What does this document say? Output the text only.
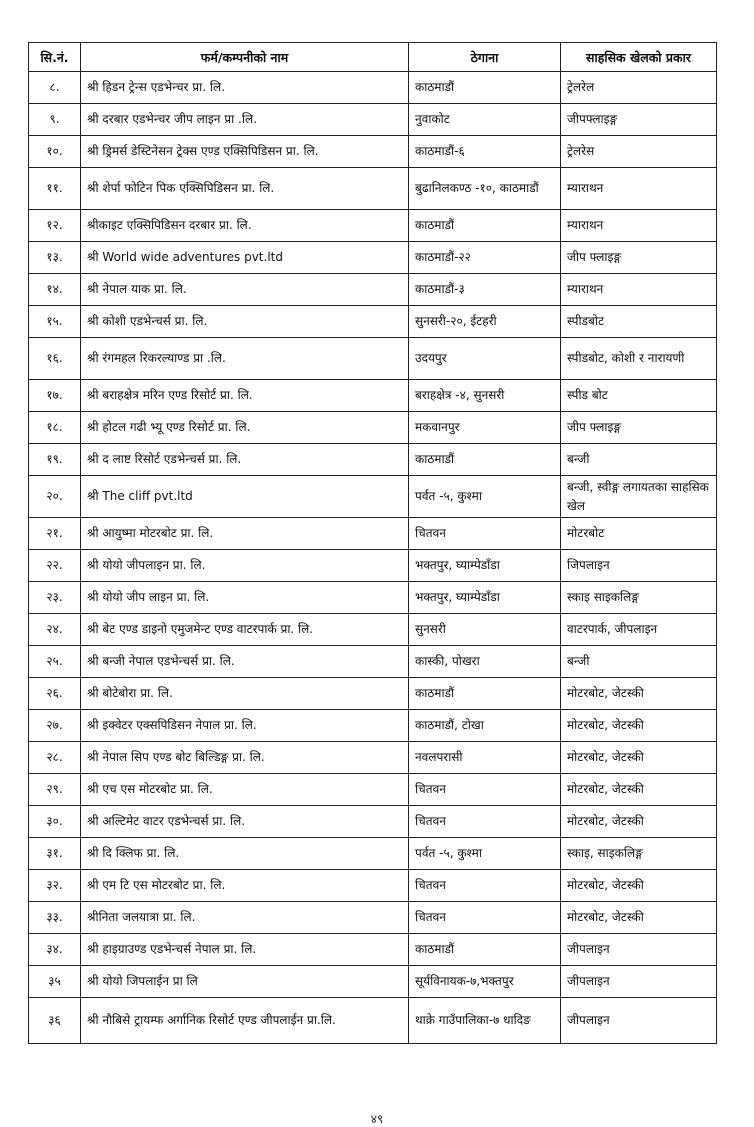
सि.नं.	फर्म/कम्पनीको नाम	ठेगाना	साहसिक खेलको प्रकार
८.	श्री हिडन ट्रेन्स एडभेन्चर प्रा. लि.	काठमाडौं	ट्रेलरेल
९.	श्री दरबार एडभेन्चर जीप लाइन प्रा .लि.	नुवाकोट	जीपफ्लाइङ्ग
१०.	श्री ड्रिमर्स डेस्टिनेसन ट्रेक्स एण्ड एक्सिपिडिसन प्रा. लि.	काठमाडौं-६	ट्रेलरेस
११.	श्री शेर्पा फोटिन पिक एक्सिपिडिसन प्रा. लि.	बुढानिलकण्ठ -१०, काठमाडौं	म्याराथन
१२.	श्रीकाइट एक्सिपिडिसन दरबार प्रा. लि.	काठमाडौं	म्याराथन
१३.	श्री World wide adventures pvt.ltd	काठमाडौं-२२	जीप फ्लाइङ्ग
१४.	श्री नेपाल याक प्रा. लि.	काठमाडौं-३	म्याराथन
१५.	श्री कोशी एडभेन्चर्स प्रा. लि.	सुनसरी-२०, ईटहरी	स्पीडबोट
१६.	श्री रंगमहल रिकरल्याण्ड प्रा .लि.	उदयपुर	स्पीडबोट, कोशी र नारायणी
१७.	श्री बराहक्षेत्र मरिन एण्ड रिसोर्ट प्रा. लि.	बराहक्षेत्र -४, सुनसरी	स्पीड बोट
१८.	श्री होटल गढी भ्यू एण्ड रिसोर्ट प्रा. लि.	मकवानपुर	जीप फ्लाइङ्ग
१९.	श्री द लाष्ट रिसोर्ट एडभेन्चर्स प्रा. लि.	काठमाडौं	बन्जी
२०.	श्री The cliff pvt.ltd	पर्वत -५, कुश्मा	बन्जी, स्वीङ्ग लगायतका साहसिक खेल
२१.	श्री आयुष्मा मोटरबोट प्रा. लि.	चितवन	मोटरबोट
२२.	श्री योयो जीपलाइन प्रा. लि.	भक्तपुर, घ्याम्पेडाँडा	जिपलाइन
२३.	श्री योयो जीप लाइन प्रा. लि.	भक्तपुर, घ्याम्पेडाँडा	स्काइ साइकलिङ्ग
२४.	श्री बेट एण्ड डाइनो एमुजमेन्ट एण्ड वाटरपार्क प्रा. लि.	सुनसरी	वाटरपार्क, जीपलाइन
२५.	श्री बन्जी नेपाल एडभेन्चर्स प्रा. लि.	कास्की, पोखरा	बन्जी
२६.	श्री बोटेबोरा प्रा. लि.	काठमाडौं	मोटरबोट, जेटस्की
२७.	श्री इक्वेटर एक्सपिडिसन नेपाल प्रा. लि.	काठमाडौं, टोखा	मोटरबोट, जेटस्की
२८.	श्री नेपाल सिप एण्ड बोट बिल्डिङ्ग प्रा. लि.	नवलपरासी	मोटरबोट, जेटस्की
२९.	श्री एच एस मोटरबोट प्रा. लि.	चितवन	मोटरबोट, जेटस्की
३०.	श्री अल्टिमेट वाटर एडभेन्चर्स प्रा. लि.	चितवन	मोटरबोट, जेटस्की
३१.	श्री दि क्लिफ प्रा. लि.	पर्वत -५, कुश्मा	स्काइ, साइकलिङ्ग
३२.	श्री एम टि एस मोटरबोट प्रा. लि.	चितवन	मोटरबोट, जेटस्की
३३.	श्रीनिता जलयात्रा प्रा. लि.	चितवन	मोटरबोट, जेटस्की
३४.	श्री हाइग्राउण्ड एडभेन्चर्स नेपाल प्रा. लि.	काठमाडौं	जीपलाइन
३५	श्री योयो जिपलाईन प्रा लि	सूर्यविनायक-७,भक्तपुर	जीपलाइन
३६	श्री नौबिसे ट्रायम्फ अर्गानिक रिसोर्ट एण्ड जीपलाईन प्रा.लि.	थाक्रे गाउँपालिका-७ धादिङ	जीपलाइन
४९
